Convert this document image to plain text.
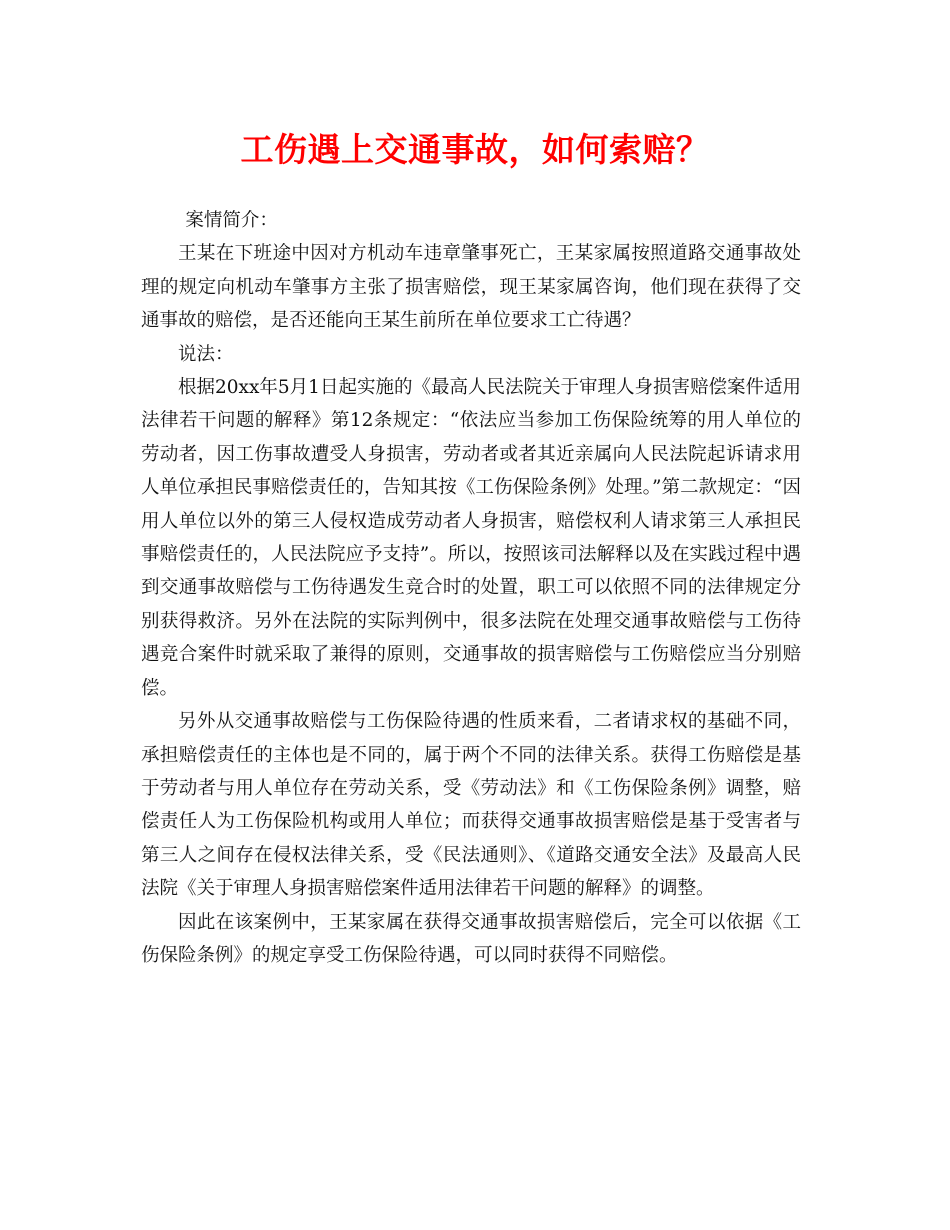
工伤遇上交通事故，如何索赔？

案情简介：

王某在下班途中因对方机动车违章肇事死亡，王某家属按照道路交通事故处理的规定向机动车肇事方主张了损害赔偿，现王某家属咨询，他们现在获得了交通事故的赔偿，是否还能向王某生前所在单位要求工亡待遇？

说法：

根据20xx年5月1日起实施的《最高人民法院关于审理人身损害赔偿案件适用法律若干问题的解释》第12条规定：“依法应当参加工伤保险统筹的用人单位的劳动者，因工伤事故遭受人身损害，劳动者或者其近亲属向人民法院起诉请求用人单位承担民事赔偿责任的，告知其按《工伤保险条例》处理。”第二款规定：“因用人单位以外的第三人侵权造成劳动者人身损害，赔偿权利人请求第三人承担民事赔偿责任的，人民法院应予支持”。所以，按照该司法解释以及在实践过程中遇到交通事故赔偿与工伤待遇发生竞合时的处置，职工可以依照不同的法律规定分别获得救济。另外在法院的实际判例中，很多法院在处理交通事故赔偿与工伤待遇竞合案件时就采取了兼得的原则，交通事故的损害赔偿与工伤赔偿应当分别赔偿。

另外从交通事故赔偿与工伤保险待遇的性质来看，二者请求权的基础不同，承担赔偿责任的主体也是不同的，属于两个不同的法律关系。获得工伤赔偿是基于劳动者与用人单位存在劳动关系，受《劳动法》和《工伤保险条例》调整，赔偿责任人为工伤保险机构或用人单位；而获得交通事故损害赔偿是基于受害者与第三人之间存在侵权法律关系，受《民法通则》、《道路交通安全法》及最高人民法院《关于审理人身损害赔偿案件适用法律若干问题的解释》的调整。

因此在该案例中，王某家属在获得交通事故损害赔偿后，完全可以依据《工伤保险条例》的规定享受工伤保险待遇，可以同时获得不同赔偿。
